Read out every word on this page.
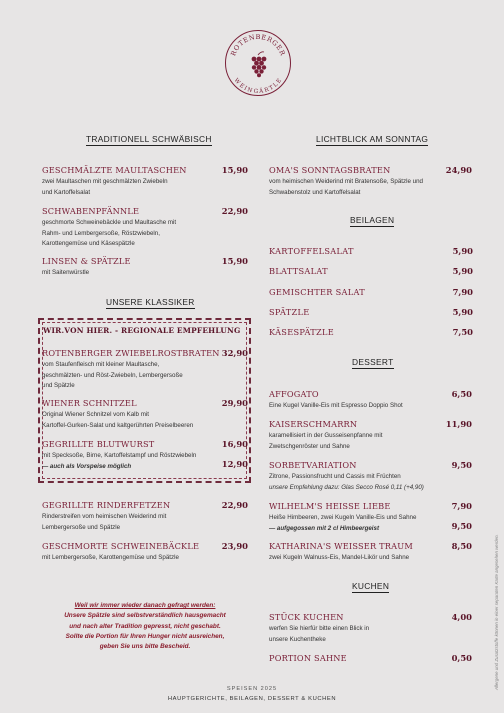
ROTENBERGER
WEINGÄRTLE
TRADITIONELL SCHWÄBISCH
GESCHMÄLZTE MAULTASCHEN	15,90
zwei Maultaschen mit geschmälzten Zwiebeln
und Kartoffelsalat
SCHWABENPFÄNNLE	22,90
geschmorte Schweinebäckle und Maultasche mit
Rahm- und Lembergersoße, Röstzwiebeln,
Karottengemüse und Käsespätzle
LINSEN & SPÄTZLE	15,90
mit Saitenwürstle
UNSERE KLASSIKER
WIR.VON HIER. - REGIONALE EMPFEHLUNG
ROTENBERGER ZWIEBELROSTBRATEN 32,90
vom Staufenfleisch mit kleiner Maultasche,
geschmälzten- und Röst-Zwiebeln, Lembergersoße
und Spätzle
WIENER SCHNITZEL	29,90
Original Wiener Schnitzel vom Kalb mit
Kartoffel-Gurken-Salat und kaltgerührten Preiselbeeren
GEGRILLTE BLUTWURST	16,90
mit Specksoße, Birne, Kartoffelstampf und Röstzwiebeln
— auch als Vorspeise möglich	12,90
GEGRILLTE RINDERFETZEN	22,90
Rinderstreifen vom heimischen Weiderind mit
Lembergersoße und Spätzle
GESCHMORTE SCHWEINEBÄCKLE	23,90
mit Lembergersoße, Karottengemüse und Spätzle
Weil wir immer wieder danach gefragt werden:
Unsere Spätzle sind selbstverständlich hausgemacht
und nach alter Tradition gepresst, nicht geschabt.
Sollte die Portion für Ihren Hunger nicht ausreichen,
geben Sie uns bitte Bescheid.
LICHTBLICK AM SONNTAG
OMA'S SONNTAGSBRATEN	24,90
vom heimischen Weiderind mit Bratensoße, Spätzle und
Schwabenstolz und Kartoffelsalat
BEILAGEN
KARTOFFELSALAT	5,90
BLATTSALAT	5,90
GEMISCHTER SALAT	7,90
SPÄTZLE	5,90
KÄSESPÄTZLE	7,50
DESSERT
AFFOGATO	6,50
Eine Kugel Vanille-Eis mit Espresso Doppio Shot
KAISERSCHMARRN	11,90
karamellisiert in der Gusseisenpfanne mit
Zwetschgenröster und Sahne
SORBETVARIATION	9,50
Zitrone, Passionsfrucht und Cassis mit Früchten
unsere Empfehlung dazu: Glas Secco Rosé 0,11 (+4,90)
WILHELM'S HEISSE LIEBE	7,90
Heiße Himbeeren, zwei Kugeln Vanille-Eis und Sahne
— aufgegossen mit 2 cl Himbeergeist	9,50
KATHARINA'S WEISSER TRAUM	8,50
zwei Kugeln Walnuss-Eis, Mandel-Likör und Sahne
KUCHEN
STÜCK KUCHEN	4,00
werfen Sie hierfür bitte einen Blick in
unsere Kuchentheke
PORTION SAHNE	0,50
SPEISEN 2025
HAUPTGERICHTE, BEILAGEN, DESSERT & KUCHEN
Allergene und Zusatzstoffe können in einer separaten Karte angesehen werden.
